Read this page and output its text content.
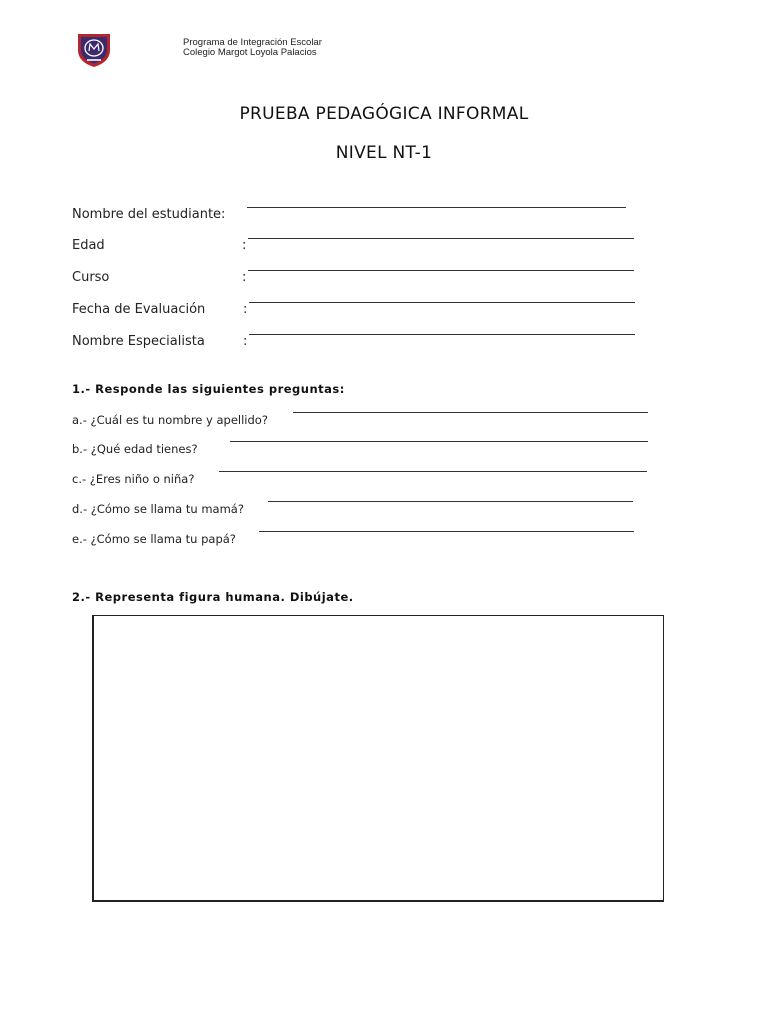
Programa de Integración Escolar
Colegio Margot Loyola Palacios
PRUEBA PEDAGÓGICA INFORMAL
NIVEL NT-1
Nombre del estudiante:
Edad	:
Curso	:
Fecha de Evaluación	:
Nombre Especialista	:
1.- Responde las siguientes preguntas:
a.- ¿Cuál es tu nombre y apellido?
b.- ¿Qué edad tienes?
c.- ¿Eres niño o niña?
d.- ¿Cómo se llama tu mamá?
e.- ¿Cómo se llama tu papá?
2.- Representa figura humana. Dibújate.
